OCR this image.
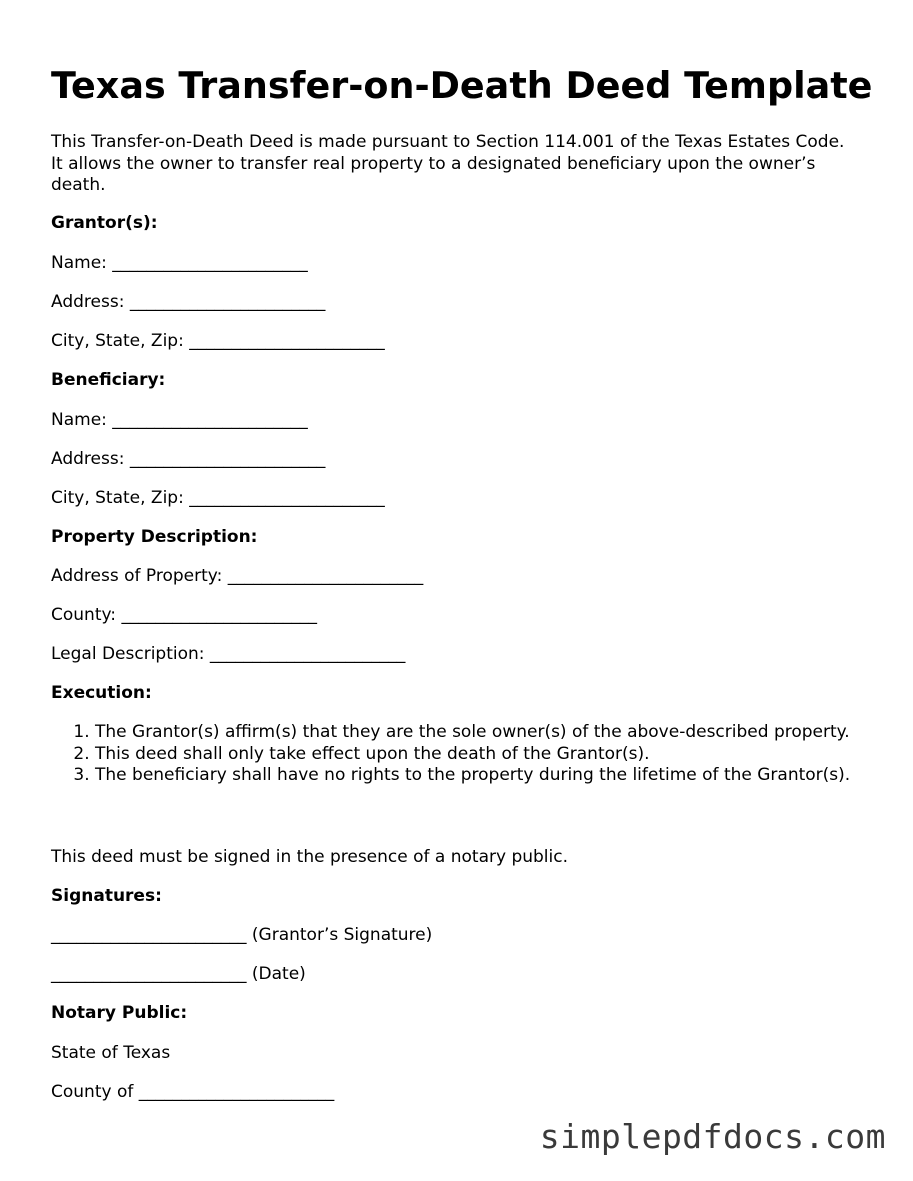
Texas Transfer-on-Death Deed Template

This Transfer-on-Death Deed is made pursuant to Section 114.001 of the Texas Estates Code. It allows the owner to transfer real property to a designated beneficiary upon the owner’s death.

Grantor(s):

Name: _______________________

Address: _______________________

City, State, Zip: _______________________

Beneficiary:

Name: _______________________

Address: _______________________

City, State, Zip: _______________________

Property Description:

Address of Property: _______________________

County: _______________________

Legal Description: _______________________

Execution:

1. The Grantor(s) affirm(s) that they are the sole owner(s) of the above-described property.
2. This deed shall only take effect upon the death of the Grantor(s).
3. The beneficiary shall have no rights to the property during the lifetime of the Grantor(s).

This deed must be signed in the presence of a notary public.

Signatures:

_______________________ (Grantor’s Signature)

_______________________ (Date)

Notary Public:

State of Texas

County of _______________________

simplepdfdocs.com
